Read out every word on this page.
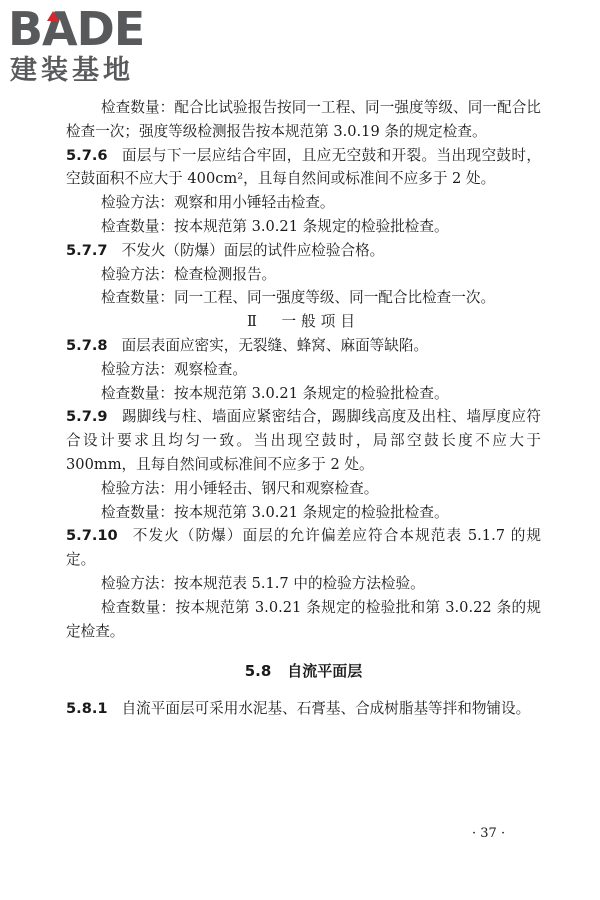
BADE
建装基地

检查数量：配合比试验报告按同一工程、同一强度等级、同一配合比检查一次；强度等级检测报告按本规范第 3.0.19 条的规定检查。

5.7.6 面层与下一层应结合牢固，且应无空鼓和开裂。当出现空鼓时，空鼓面积不应大于 400cm²，且每自然间或标准间不应多于 2 处。

检验方法：观察和用小锤轻击检查。

检查数量：按本规范第 3.0.21 条规定的检验批检查。

5.7.7 不发火（防爆）面层的试件应检验合格。

检验方法：检查检测报告。

检查数量：同一工程、同一强度等级、同一配合比检查一次。

Ⅱ　一般项目

5.7.8 面层表面应密实，无裂缝、蜂窝、麻面等缺陷。

检验方法：观察检查。

检查数量：按本规范第 3.0.21 条规定的检验批检查。

5.7.9 踢脚线与柱、墙面应紧密结合，踢脚线高度及出柱、墙厚度应符合设计要求且均匀一致。当出现空鼓时，局部空鼓长度不应大于 300mm，且每自然间或标准间不应多于 2 处。

检验方法：用小锤轻击、钢尺和观察检查。

检查数量：按本规范第 3.0.21 条规定的检验批检查。

5.7.10 不发火（防爆）面层的允许偏差应符合本规范表 5.1.7 的规定。

检验方法：按本规范表 5.1.7 中的检验方法检验。

检查数量：按本规范第 3.0.21 条规定的检验批和第 3.0.22 条的规定检查。

5.8 自流平面层

5.8.1 自流平面层可采用水泥基、石膏基、合成树脂基等拌和物铺设。

· 37 ·
